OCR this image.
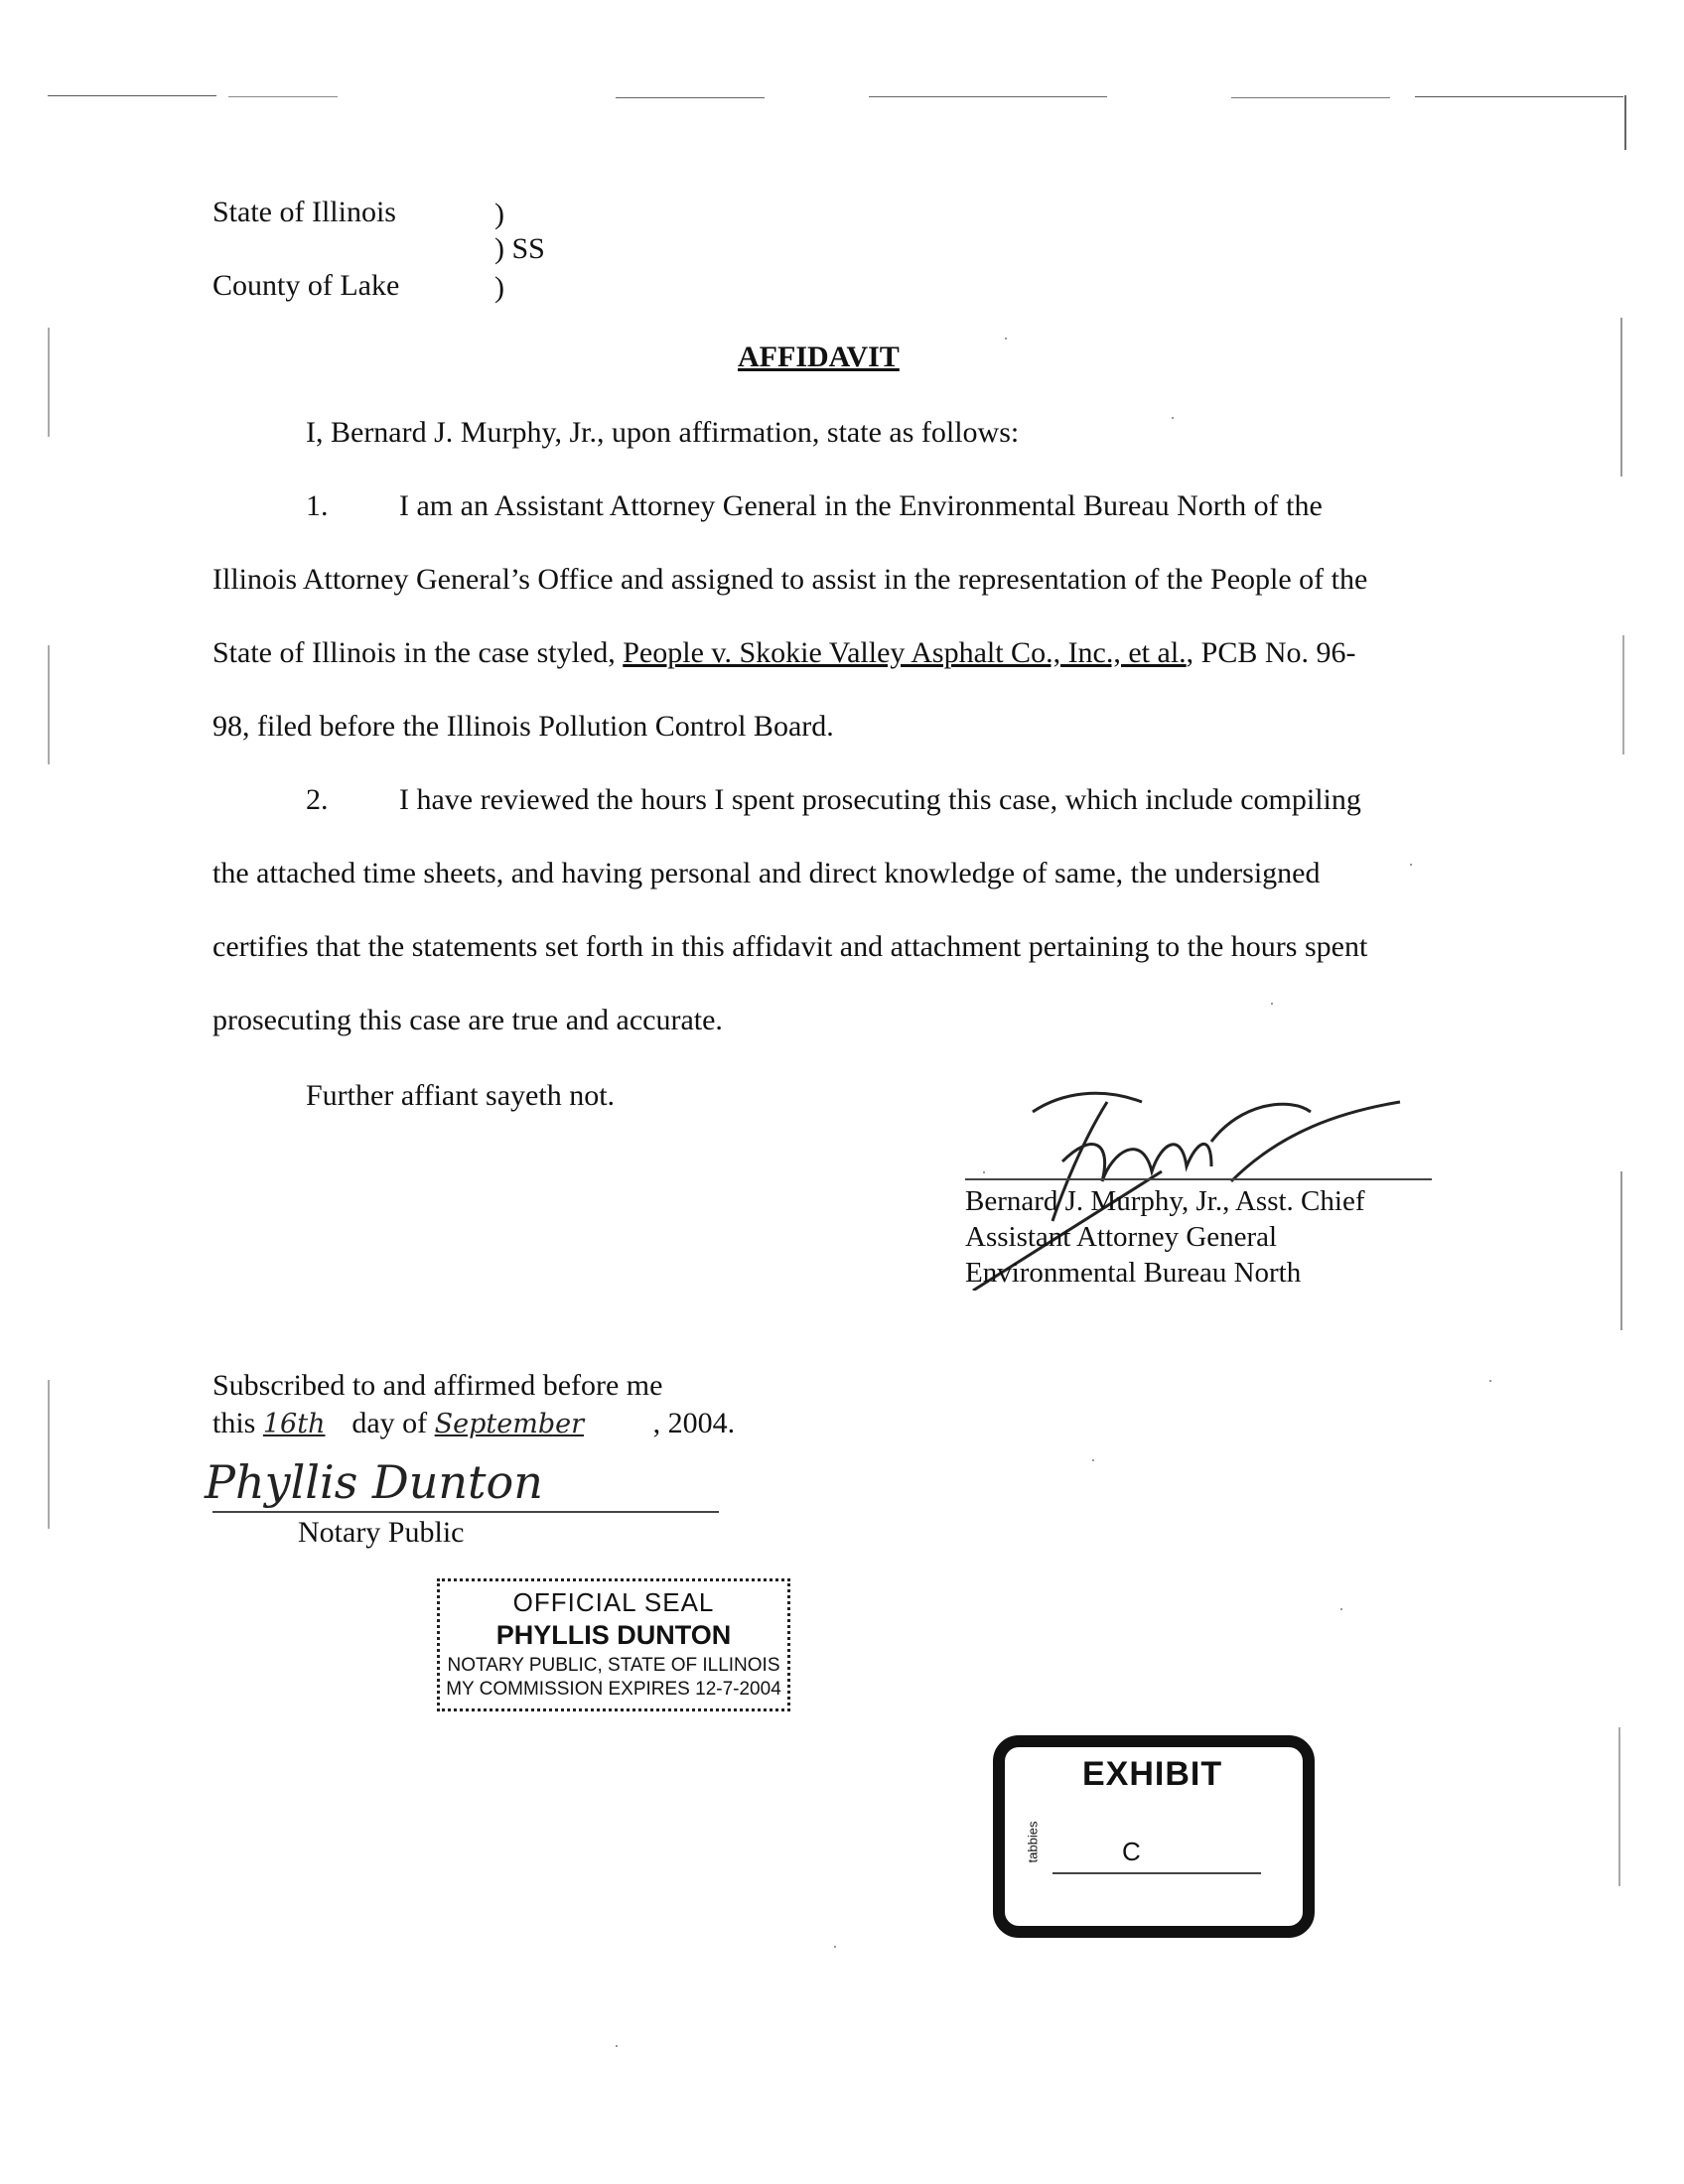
State of Illinois	)
) SS
County of Lake	)
AFFIDAVIT
I, Bernard J. Murphy, Jr., upon affirmation, state as follows:
1. I am an Assistant Attorney General in the Environmental Bureau North of the
Illinois Attorney General’s Office and assigned to assist in the representation of the People of the
State of Illinois in the case styled, People v. Skokie Valley Asphalt Co., Inc., et al., PCB No. 96-
98, filed before the Illinois Pollution Control Board.
2. I have reviewed the hours I spent prosecuting this case, which include compiling
the attached time sheets, and having personal and direct knowledge of same, the undersigned
certifies that the statements set forth in this affidavit and attachment pertaining to the hours spent
prosecuting this case are true and accurate.
Further affiant sayeth not.
Bernard J. Murphy, Jr., Asst. Chief
Assistant Attorney General
Environmental Bureau North
Subscribed to and affirmed before me
this 16th day of September , 2004.
Phyllis Dunton
Notary Public
OFFICIAL SEAL
PHYLLIS DUNTON
NOTARY PUBLIC, STATE OF ILLINOIS
MY COMMISSION EXPIRES 12-7-2004
EXHIBIT
tabbies	C
